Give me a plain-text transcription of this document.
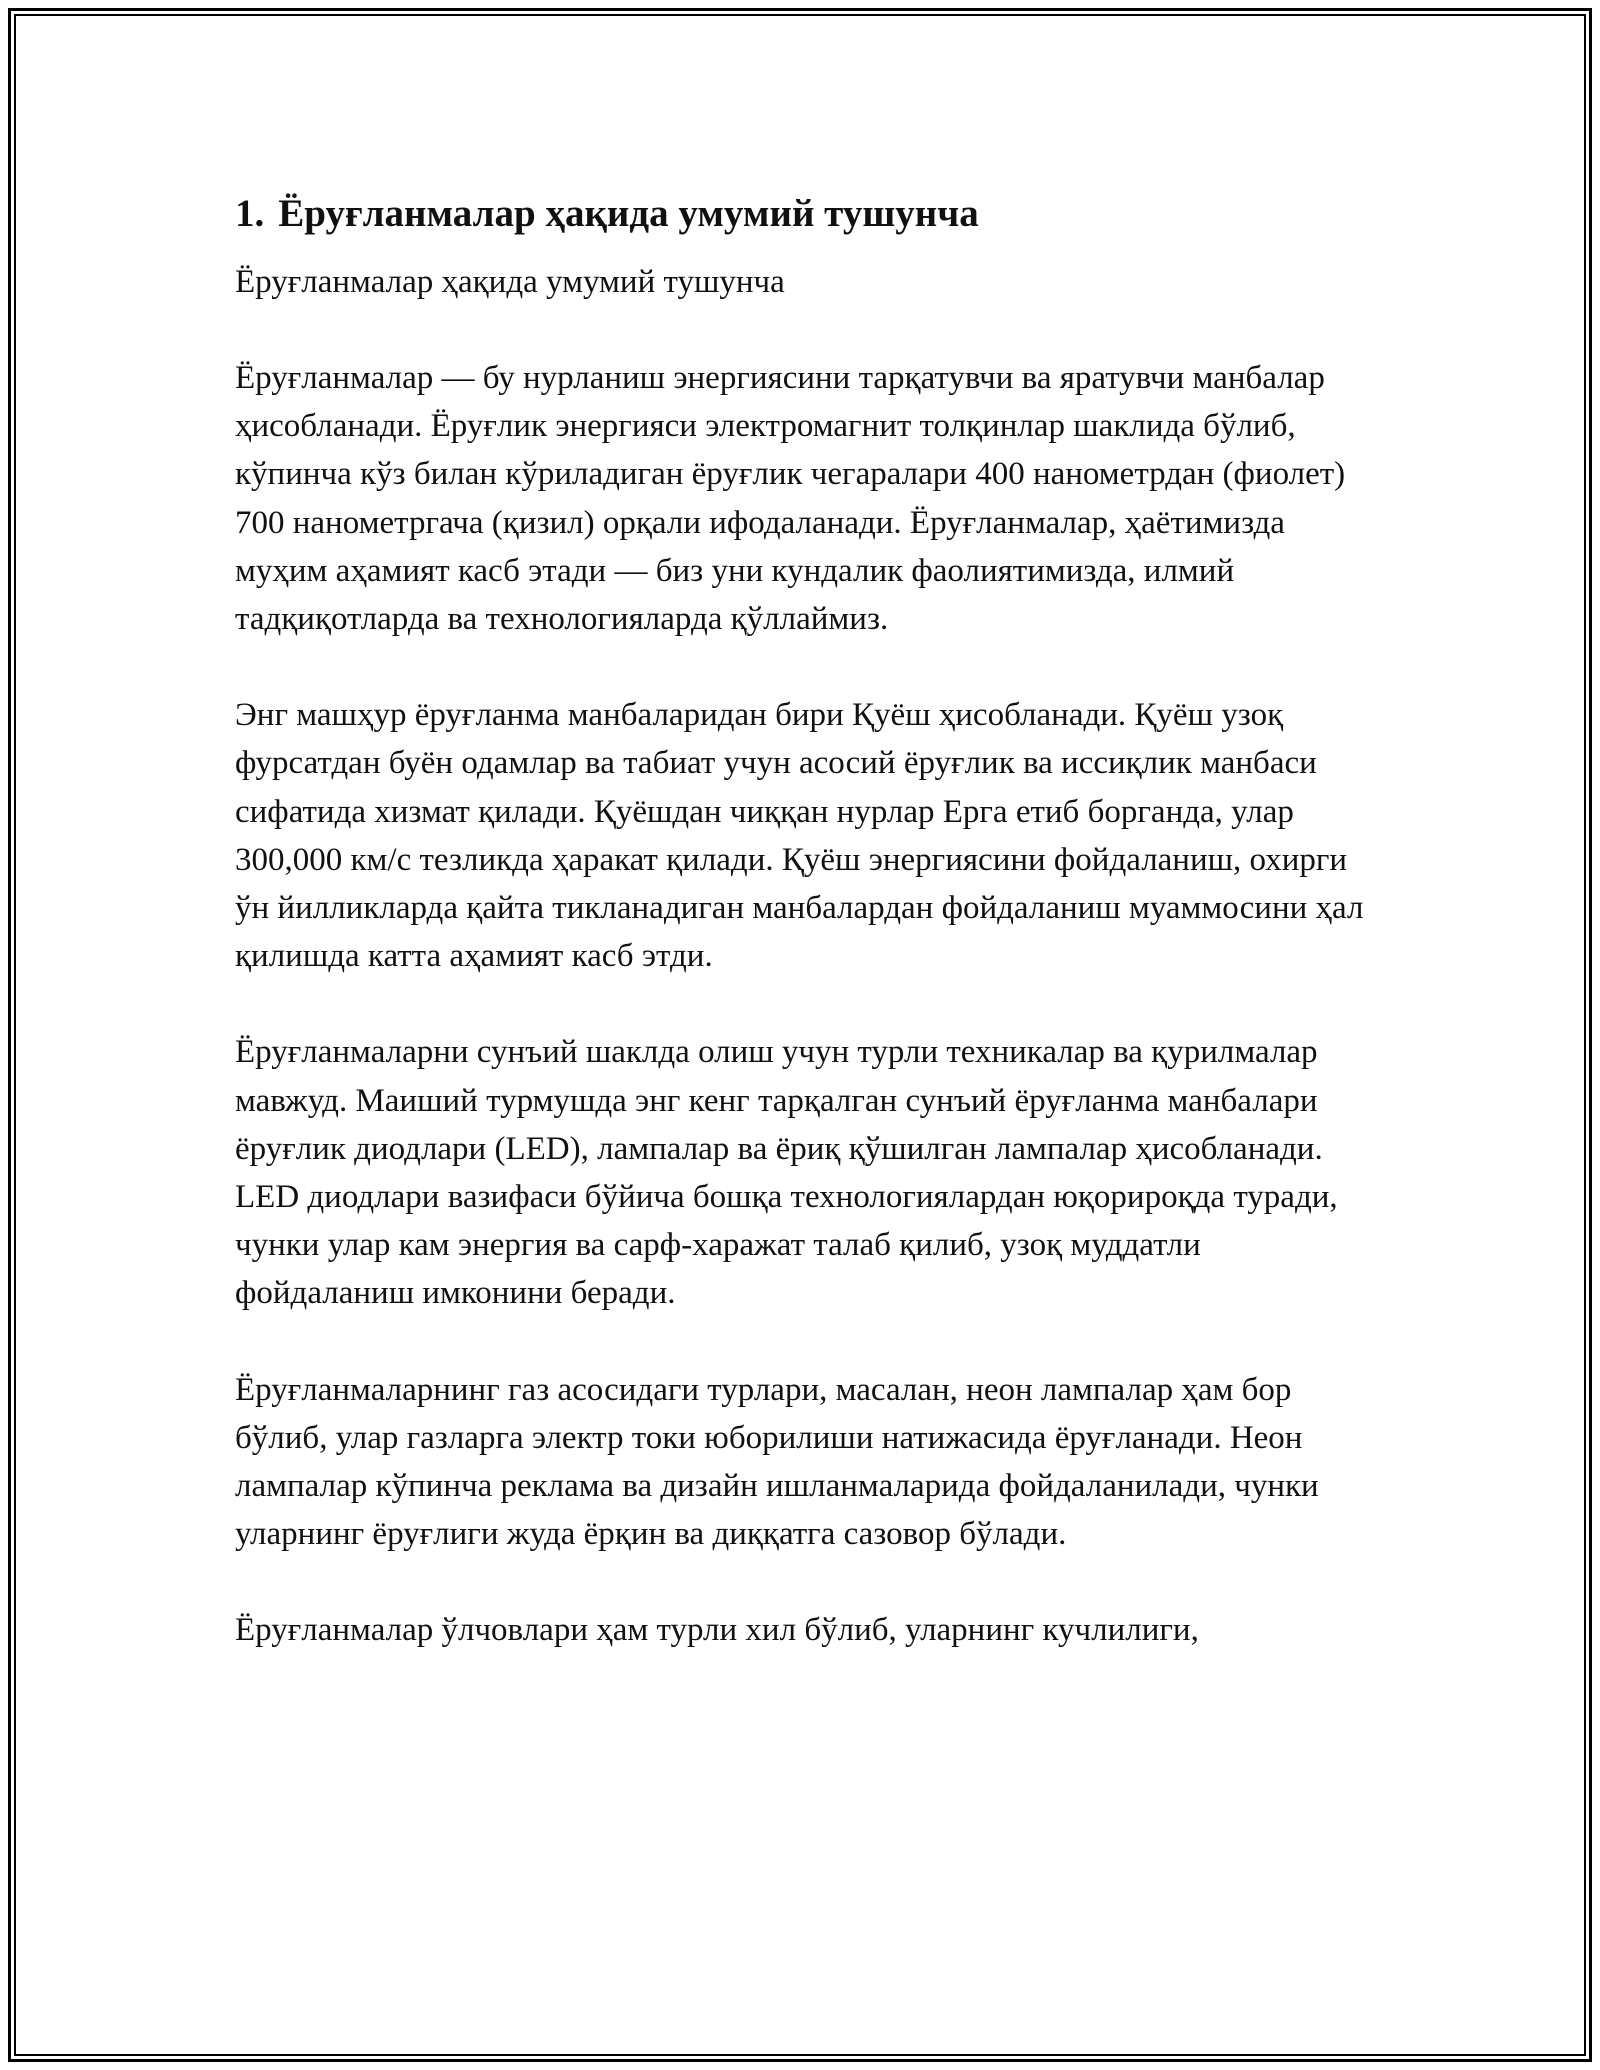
1. Ёруғланмалар ҳақида умумий тушунча

Ёруғланмалар ҳақида умумий тушунча

Ёруғланмалар — бу нурланиш энергиясини тарқатувчи ва яратувчи манбалар ҳисобланади. Ёруғлик энергияси электромагнит толқинлар шаклида бўлиб, кўпинча кўз билан кўриладиган ёруғлик чегаралари 400 нанометрдан (фиолет) 700 нанометргача (қизил) орқали ифодаланади. Ёруғланмалар, ҳаётимизда муҳим аҳамият касб этади — биз уни кундалик фаолиятимизда, илмий тадқиқотларда ва технологияларда қўллаймиз.

Энг машҳур ёруғланма манбаларидан бири Қуёш ҳисобланади. Қуёш узоқ фурсатдан буён одамлар ва табиат учун асосий ёруғлик ва иссиқлик манбаси сифатида хизмат қилади. Қуёшдан чиққан нурлар Ерга етиб борганда, улар 300,000 км/с тезликда ҳаракат қилади. Қуёш энергиясини фойдаланиш, охирги ўн йилликларда қайта тикланадиган манбалардан фойдаланиш муаммосини ҳал қилишда катта аҳамият касб этди.

Ёруғланмаларни сунъий шаклда олиш учун турли техникалар ва қурилмалар мавжуд. Маиший турмушда энг кенг тарқалган сунъий ёруғланма манбалари ёруғлик диодлари (LED), лампалар ва ёриқ қўшилган лампалар ҳисобланади. LED диодлари вазифаси бўйича бошқа технологиялардан юқорироқда туради, чунки улар кам энергия ва сарф-харажат талаб қилиб, узоқ муддатли фойдаланиш имконини беради.

Ёруғланмаларнинг газ асосидаги турлари, масалан, неон лампалар ҳам бор бўлиб, улар газларга электр токи юборилиши натижасида ёруғланади. Неон лампалар кўпинча реклама ва дизайн ишланмаларида фойдаланилади, чунки уларнинг ёруғлиги жуда ёрқин ва диққатга сазовор бўлади.

Ёруғланмалар ўлчовлари ҳам турли хил бўлиб, уларнинг кучлилиги,
